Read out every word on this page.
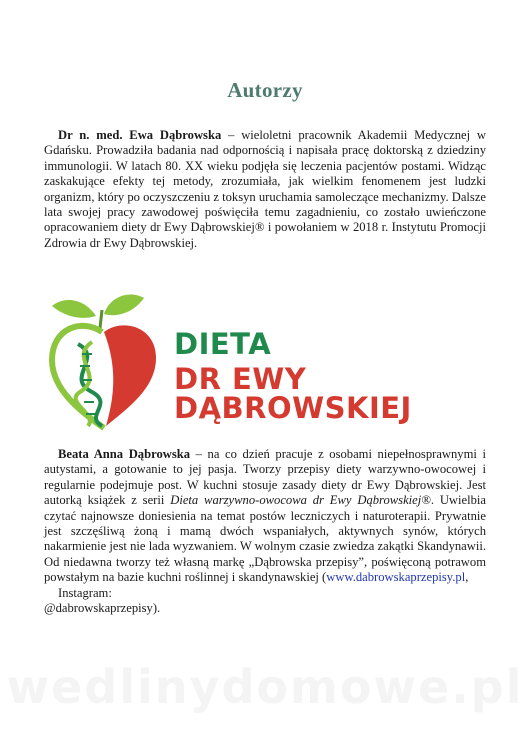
Autorzy
Dr n. med. Ewa Dąbrowska – wieloletni pracownik Akademii Medycznej w Gdańsku. Prowadziła badania nad odpornością i napisała pracę doktorską z dziedziny immunologii. W latach 80. XX wieku podjęła się leczenia pacjentów postami. Widząc zaskakujące efekty tej metody, zrozumiała, jak wielkim fenomenem jest ludzki organizm, który po oczyszczeniu z toksyn uruchamia samoleczące mechanizmy. Dalsze lata swojej pracy zawodowej poświęciła temu zagadnieniu, co zostało uwieńczone opracowaniem diety dr Ewy Dąbrowskiej® i powołaniem w 2018 r. Instytutu Promocji Zdrowia dr Ewy Dąbrowskiej.
DIETA
DR EWY DĄBROWSKIEJ
Beata Anna Dąbrowska – na co dzień pracuje z osobami niepełnosprawnymi i autystami, a gotowanie to jej pasja. Tworzy przepisy diety warzywno-owocowej i regularnie podejmuje post. W kuchni stosuje zasady diety dr Ewy Dąbrowskiej. Jest autorką książek z serii Dieta warzywno-owocowa dr Ewy Dąbrowskiej®. Uwielbia czytać najnowsze doniesienia na temat postów leczniczych i naturoterapii. Prywatnie jest szczęśliwą żoną i mamą dwóch wspaniałych, aktywnych synów, których nakarmienie jest nie lada wyzwaniem. W wolnym czasie zwiedza zakątki Skandynawii. Od niedawna tworzy też własną markę „Dąbrowska przepisy”, poświęconą potrawom powstałym na bazie kuchni roślinnej i skandynawskiej (www.dabrowskaprzepisy.pl,
Instagram:
@dabrowskaprzepisy).
wedlinydomowe.pl
